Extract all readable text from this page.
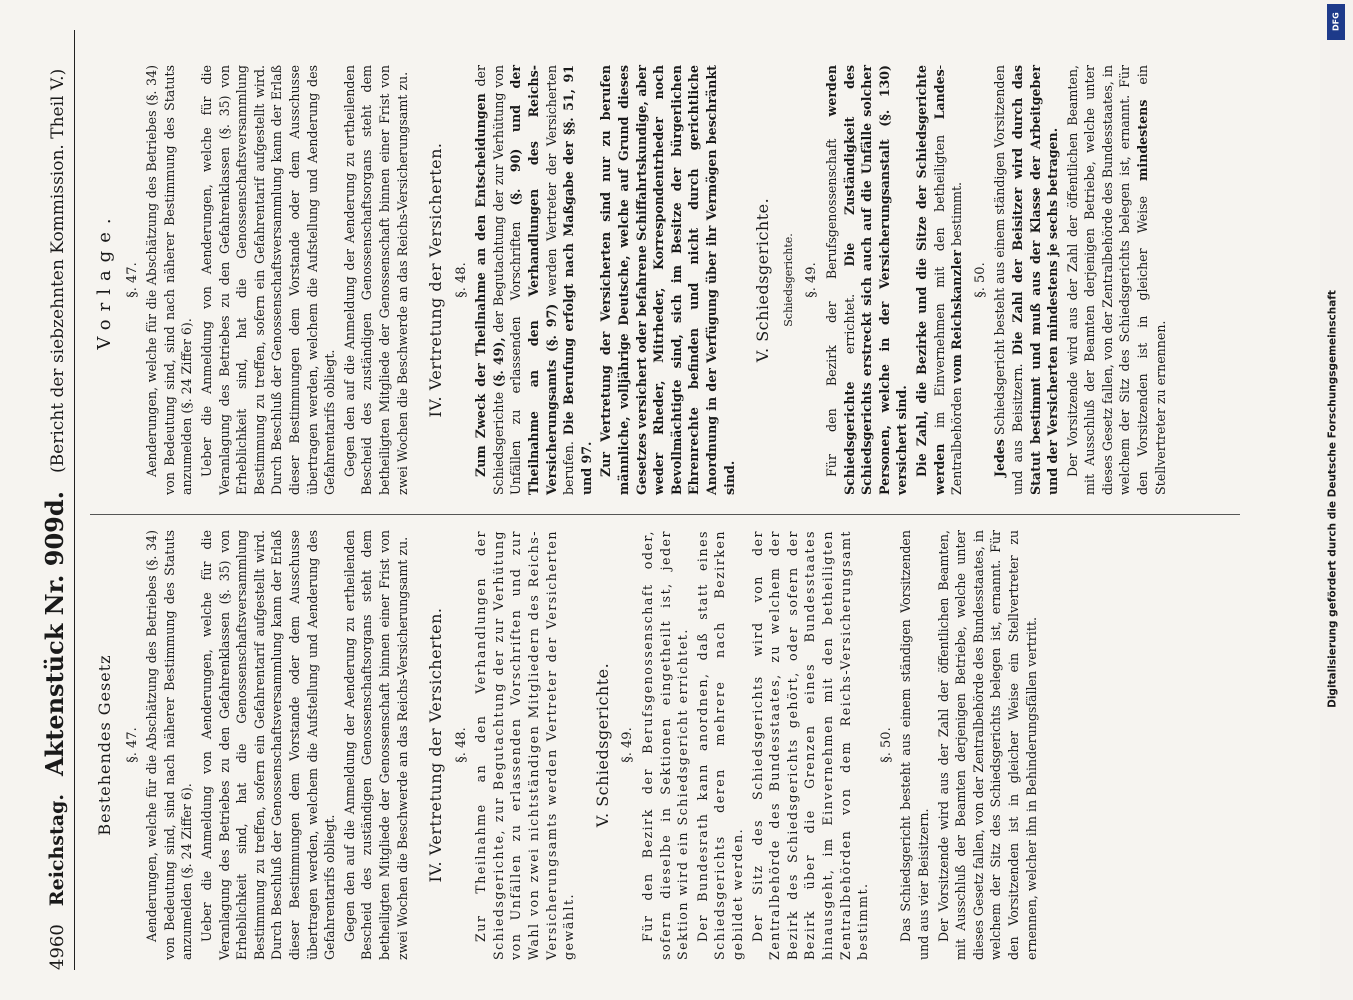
4960
Reichstag.
Aktenstück Nr. 909d.
(Bericht der siebzehnten Kommission. Theil V.)
Bestehendes Gesetz §. 47. Aenderungen, welche für die Abschätzung des Betriebes (§. 34) von Bedeutung sind, sind nach näherer Bestimmung des Statuts anzumelden (§. 24 Ziffer 6). Ueber die Anmeldung von Aenderungen, welche für die Veranlagung des Betriebes zu den Gefahrenklassen (§. 35) von Erheblichkeit sind, hat die Genossenschaftsversammlung Bestimmung zu treffen, sofern ein Gefahrentarif aufgestellt wird. Durch Beschluß der Genossenschaftsversammlung kann der Erlaß dieser Bestimmungen dem Vorstande oder dem Ausschusse übertragen werden, welchem die Aufstellung und Aenderung des Gefahrentarifs obliegt. Gegen den auf die Anmeldung der Aenderung zu ertheilenden Bescheid des zuständigen Genossenschaftsorgans steht dem betheiligten Mitgliede der Genossenschaft binnen einer Frist von zwei Wochen die Beschwerde an das Reichs-Versicherungsamt zu. IV. Vertretung der Versicherten. §. 48. Zur Theilnahme an den Verhandlungen der Schiedsgerichte, zur Begutachtung der zur Verhütung von Unfällen zu erlassenden Vorschriften und zur Wahl von zwei nichtständigen Mitgliedern des Reichs-Versicherungsamts werden Vertreter der Versicherten gewählt.

V. Schiedsgerichte. §. 49. Für den Bezirk der Berufsgenossenschaft oder, sofern dieselbe in Sektionen eingetheilt ist, jeder Sektion wird ein Schiedsgericht errichtet. Der Bundesrath kann anordnen, daß statt eines Schiedsgerichts deren mehrere nach Bezirken gebildet werden. Der Sitz des Schiedsgerichts wird von der Zentralbehörde des Bundesstaates, zu welchem der Bezirk des Schiedsgerichts gehört, oder sofern der Bezirk über die Grenzen eines Bundesstaates hinausgeht, im Einvernehmen mit den betheiligten Zentralbehörden von dem Reichs-Versicherungsamt bestimmt.

§. 50. Das Schiedsgericht besteht aus einem ständigen Vorsitzenden und aus vier Beisitzern. Der Vorsitzende wird aus der Zahl der öffentlichen Beamten, mit Ausschluß der Beamten derjenigen Betriebe, welche unter dieses Gesetz fallen, von der Zentralbehörde des Bundesstaates, in welchem der Sitz des Schiedsgerichts belegen ist, ernannt. Für den Vorsitzenden ist in gleicher Weise ein Stellvertreter zu ernennen, welcher ihn in Behinderungsfällen vertritt.

Vorlage. §. 47. Aenderungen, welche für die Abschätzung des Betriebes (§. 34) von Bedeutung sind, sind nach näherer Bestimmung des Statuts anzumelden (§. 24 Ziffer 6). Ueber die Anmeldung von Aenderungen, welche für die Veranlagung des Betriebes zu den Gefahrenklassen (§. 35) von Erheblichkeit sind, hat die Genossenschaftsversammlung Bestimmung zu treffen, sofern ein Gefahrentarif aufgestellt wird. Durch Beschluß der Genossenschaftsversammlung kann der Erlaß dieser Bestimmungen dem Vorstande oder dem Ausschusse übertragen werden, welchem die Aufstellung und Aenderung des Gefahrentarifs obliegt. Gegen den auf die Anmeldung der Aenderung zu ertheilenden Bescheid des zuständigen Genossenschaftsorgans steht dem betheiligten Mitgliede der Genossenschaft binnen einer Frist von zwei Wochen die Beschwerde an das Reichs-Versicherungsamt zu. IV. Vertretung der Versicherten. §. 48. Zum Zweck der Theilnahme an den Entscheidungen der Schiedsgerichte (§. 49), der Begutachtung der zur Verhütung von Unfällen zu erlassenden Vorschriften (§. 90) und der Theilnahme an den Verhandlungen des Reichs-Versicherungsamts (§. 97) werden Vertreter der Versicherten berufen. Die Berufung erfolgt nach Maßgabe der §§. 51, 91 und 97. Zur Vertretung der Versicherten sind nur zu berufen männliche, volljährige Deutsche, welche auf Grund dieses Gesetzes versichert oder befahrene Schiffahrtskundige, aber weder Rheder, Mitrheder, Korrespondentrheder noch Bevollmächtigte sind, sich im Besitze der bürgerlichen Ehrenrechte befinden und nicht durch gerichtliche Anordnung in der Verfügung über ihr Vermögen beschränkt sind.

V. Schiedsgerichte. Schiedsgerichte. §. 49. Für den Bezirk der Berufsgenossenschaft werden Schiedsgerichte errichtet. Die Zuständigkeit des Schiedsgerichts erstreckt sich auch auf die Unfälle solcher Personen, welche in der Versicherungsanstalt (§. 130) versichert sind. Die Zahl, die Bezirke und die Sitze der Schiedsgerichte werden im Einvernehmen mit den betheiligten Landes-Zentralbehörden vom Reichskanzler bestimmt.

§. 50.

Jedes Schiedsgericht besteht aus einem ständigen Vorsitzenden und aus Beisitzern. Die Zahl der Beisitzer wird durch das Statut bestimmt und muß aus der Klasse der Arbeitgeber und der Versicherten mindestens je sechs betragen. Der Vorsitzende wird aus der Zahl der öffentlichen Beamten, mit Ausschluß der Beamten derjenigen Betriebe, welche unter dieses Gesetz fallen, von der Zentralbehörde des Bundesstaates, in welchem der Sitz des Schiedsgerichts belegen ist, ernannt. Für den Vorsitzenden ist in gleicher Weise mindestens ein Stellvertreter zu ernennen.

DFG
Digitalisierung gefördert durch die Deutsche Forschungsgemeinschaft
